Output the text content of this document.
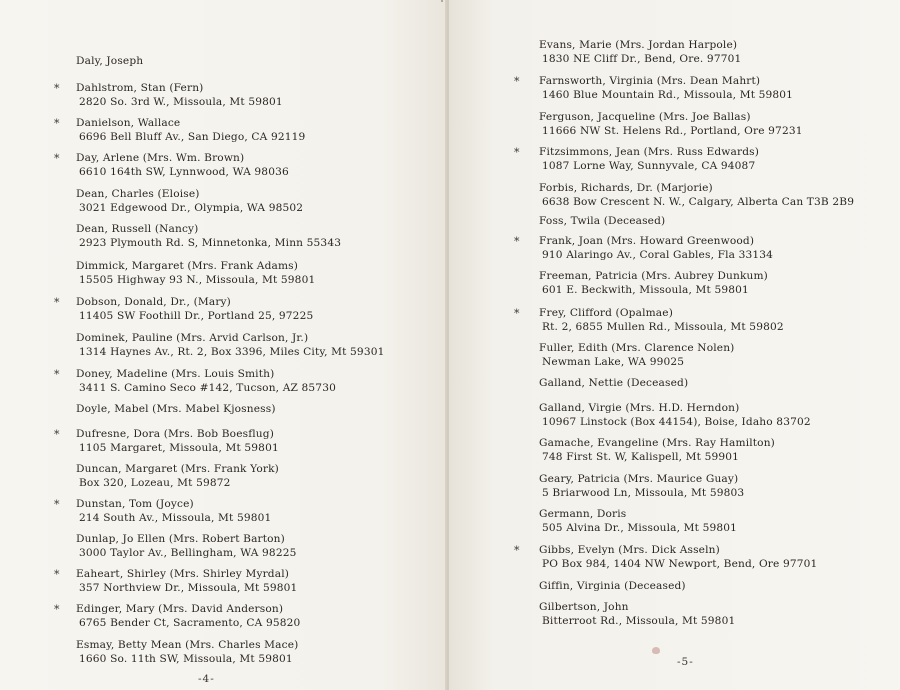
Daly, Joseph
* Dahlstrom, Stan (Fern)
2820 So. 3rd W., Missoula, Mt 59801
* Danielson, Wallace
6696 Bell Bluff Av., San Diego, CA 92119
* Day, Arlene (Mrs. Wm. Brown)
6610 164th SW, Lynnwood, WA 98036
Dean, Charles (Eloise)
3021 Edgewood Dr., Olympia, WA 98502
Dean, Russell (Nancy)
2923 Plymouth Rd. S, Minnetonka, Minn 55343
Dimmick, Margaret (Mrs. Frank Adams)
15505 Highway 93 N., Missoula, Mt 59801
* Dobson, Donald, Dr., (Mary)
11405 SW Foothill Dr., Portland 25, 97225
Dominek, Pauline (Mrs. Arvid Carlson, Jr.)
1314 Haynes Av., Rt. 2, Box 3396, Miles City, Mt 59301
* Doney, Madeline (Mrs. Louis Smith)
3411 S. Camino Seco #142, Tucson, AZ 85730
Doyle, Mabel (Mrs. Mabel Kjosness)
* Dufresne, Dora (Mrs. Bob Boesflug)
1105 Margaret, Missoula, Mt 59801
Duncan, Margaret (Mrs. Frank York)
Box 320, Lozeau, Mt 59872
* Dunstan, Tom (Joyce)
214 South Av., Missoula, Mt 59801
Dunlap, Jo Ellen (Mrs. Robert Barton)
3000 Taylor Av., Bellingham, WA 98225
* Eaheart, Shirley (Mrs. Shirley Myrdal)
357 Northview Dr., Missoula, Mt 59801
* Edinger, Mary (Mrs. David Anderson)
6765 Bender Ct, Sacramento, CA 95820
Esmay, Betty Mean (Mrs. Charles Mace)
1660 So. 11th SW, Missoula, Mt 59801
-4-
Evans, Marie (Mrs. Jordan Harpole)
1830 NE Cliff Dr., Bend, Ore. 97701
* Farnsworth, Virginia (Mrs. Dean Mahrt)
1460 Blue Mountain Rd., Missoula, Mt 59801
Ferguson, Jacqueline (Mrs. Joe Ballas)
11666 NW St. Helens Rd., Portland, Ore 97231
* Fitzsimmons, Jean (Mrs. Russ Edwards)
1087 Lorne Way, Sunnyvale, CA 94087
Forbis, Richards, Dr. (Marjorie)
6638 Bow Crescent N. W., Calgary, Alberta Can T3B 2B9
Foss, Twila (Deceased)
* Frank, Joan (Mrs. Howard Greenwood)
910 Alaringo Av., Coral Gables, Fla 33134
Freeman, Patricia (Mrs. Aubrey Dunkum)
601 E. Beckwith, Missoula, Mt 59801
* Frey, Clifford (Opalmae)
Rt. 2, 6855 Mullen Rd., Missoula, Mt 59802
Fuller, Edith (Mrs. Clarence Nolen)
Newman Lake, WA 99025
Galland, Nettie (Deceased)
Galland, Virgie (Mrs. H.D. Herndon)
10967 Linstock (Box 44154), Boise, Idaho 83702
Gamache, Evangeline (Mrs. Ray Hamilton)
748 First St. W, Kalispell, Mt 59901
Geary, Patricia (Mrs. Maurice Guay)
5 Briarwood Ln, Missoula, Mt 59803
Germann, Doris
505 Alvina Dr., Missoula, Mt 59801
* Gibbs, Evelyn (Mrs. Dick Asseln)
PO Box 984, 1404 NW Newport, Bend, Ore 97701
Giffin, Virginia (Deceased)
Gilbertson, John
Bitterroot Rd., Missoula, Mt 59801
-5-
